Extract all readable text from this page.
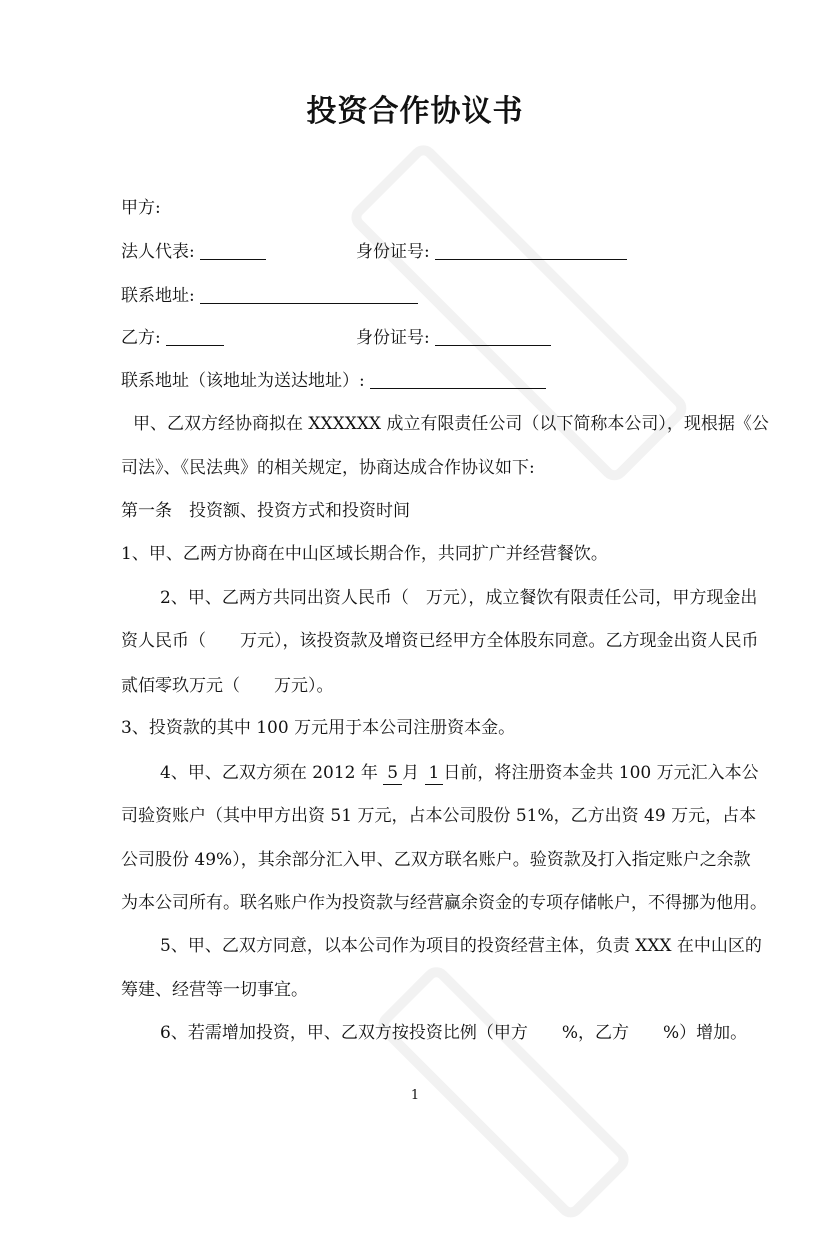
投资合作协议书
甲方:
法人代表:	身份证号:
联系地址:
乙方:	身份证号:
联系地址（该地址为送达地址）:
甲、乙双方经协商拟在 XXXXXX 成立有限责任公司（以下简称本公司），现根据《公
司法》、《民法典》的相关规定，协商达成合作协议如下:
第一条　投资额、投资方式和投资时间
1、甲、乙两方协商在中山区域长期合作，共同扩广并经营餐饮。
2、甲、乙两方共同出资人民币（　万元），成立餐饮有限责任公司，甲方现金出
资人民币（　　万元），该投资款及增资已经甲方全体股东同意。乙方现金出资人民币
贰佰零玖万元（　　万元）。
3、投资款的其中 100 万元用于本公司注册资本金。
4、甲、乙双方须在 2012 年 5 月 1 日前，将注册资本金共 100 万元汇入本公
司验资账户（其中甲方出资 51 万元，占本公司股份 51%，乙方出资 49 万元，占本
公司股份 49%），其余部分汇入甲、乙双方联名账户。验资款及打入指定账户之余款
为本公司所有。联名账户作为投资款与经营赢余资金的专项存储帐户，不得挪为他用。
5、甲、乙双方同意，以本公司作为项目的投资经营主体，负责 XXX 在中山区的
筹建、经营等一切事宜。
6、若需增加投资，甲、乙双方按投资比例（甲方　　%，乙方　　%）增加。
1
